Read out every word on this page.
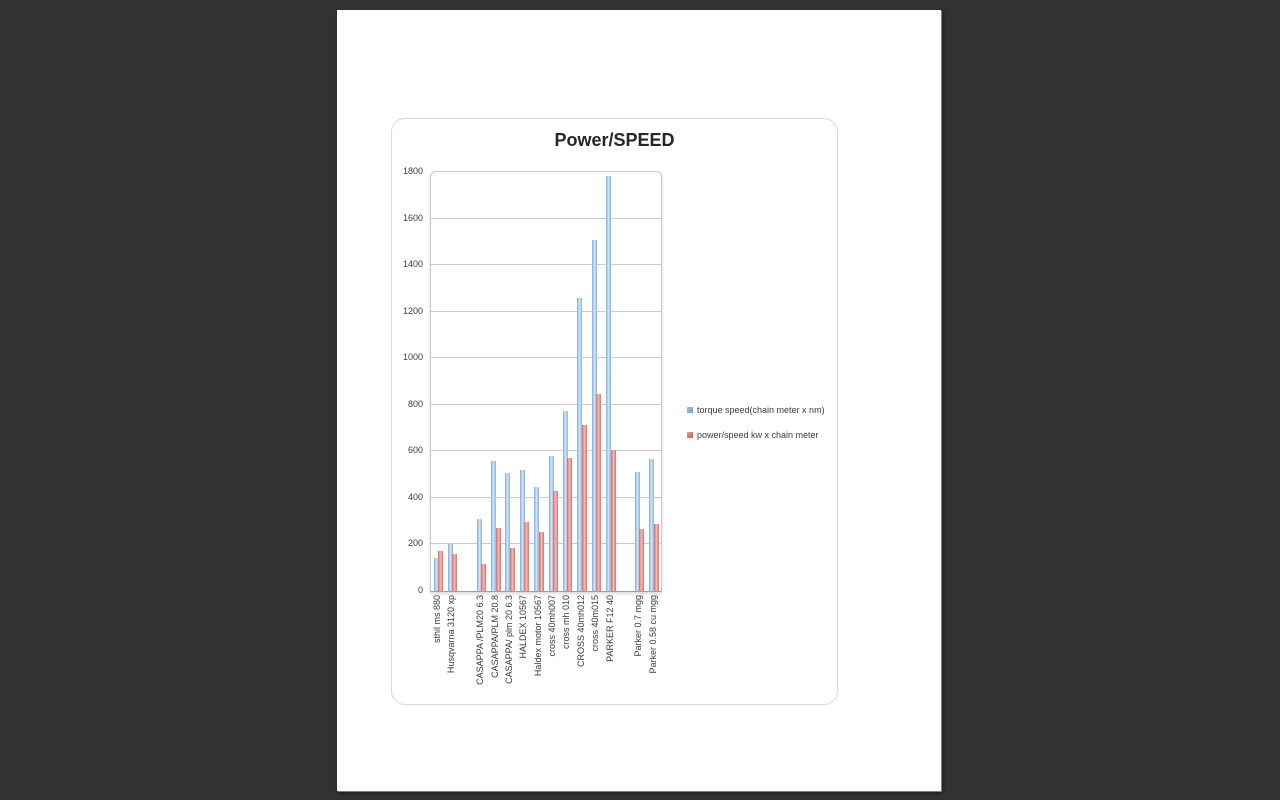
Power/SPEED
0
200
400
600
800
1000
1200
1400
1600
1800
sthil ms 880 Husqvarna 3120 xp CASAPPA /PLM20 6.3 CASAPPA/PLM 20.8 CASAPPA/ plm 20 6.3 HALDEX 10567 Haldex motor 10567 cross 40mh007 cross mh 010 CROSS 40mh012 cross 40m015 PARKER F12 40 Parker 0.7 mgg Parker 0.58 cu mgg
torque speed(chain meter x nm)
power/speed kw x chain meter
